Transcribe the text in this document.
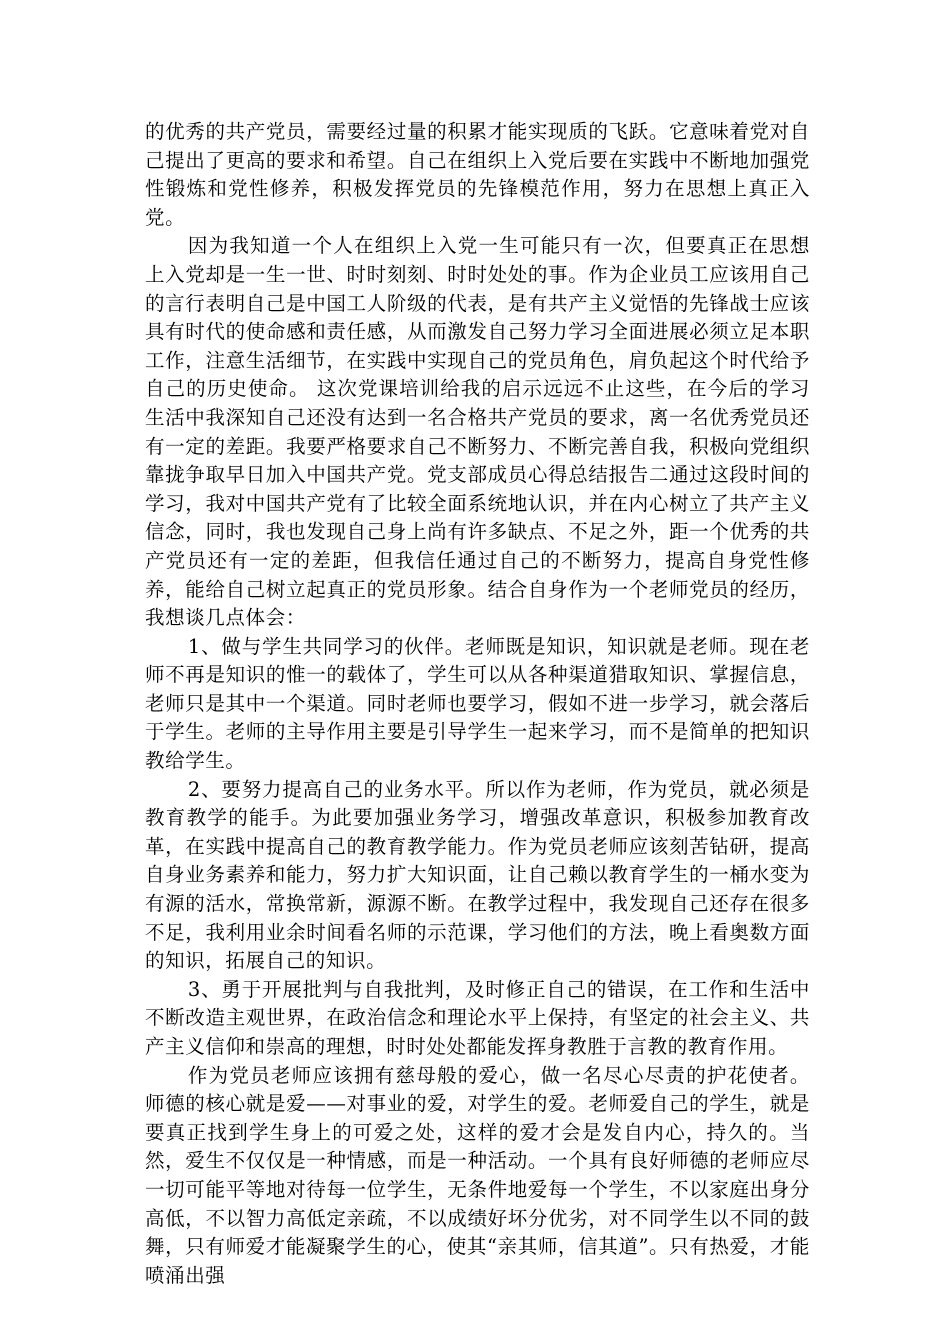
的优秀的共产党员，需要经过量的积累才能实现质的飞跃。它意味着党对自己提出了更高的要求和希望。自己在组织上入党后要在实践中不断地加强党性锻炼和党性修养，积极发挥党员的先锋模范作用，努力在思想上真正入党。

因为我知道一个人在组织上入党一生可能只有一次，但要真正在思想上入党却是一生一世、时时刻刻、时时处处的事。作为企业员工应该用自己的言行表明自己是中国工人阶级的代表，是有共产主义觉悟的先锋战士应该具有时代的使命感和责任感，从而激发自己努力学习全面进展必须立足本职工作，注意生活细节，在实践中实现自己的党员角色，肩负起这个时代给予自己的历史使命。 这次党课培训给我的启示远远不止这些，在今后的学习生活中我深知自己还没有达到一名合格共产党员的要求，离一名优秀党员还有一定的差距。我要严格要求自己不断努力、不断完善自我，积极向党组织靠拢争取早日加入中国共产党。党支部成员心得总结报告二通过这段时间的学习，我对中国共产党有了比较全面系统地认识，并在内心树立了共产主义信念，同时，我也发现自己身上尚有许多缺点、不足之外，距一个优秀的共产党员还有一定的差距，但我信任通过自己的不断努力，提高自身党性修养，能给自己树立起真正的党员形象。结合自身作为一个老师党员的经历，我想谈几点体会：

1、做与学生共同学习的伙伴。老师既是知识，知识就是老师。现在老师不再是知识的惟一的载体了，学生可以从各种渠道猎取知识、掌握信息，老师只是其中一个渠道。同时老师也要学习，假如不进一步学习，就会落后于学生。老师的主导作用主要是引导学生一起来学习，而不是简单的把知识教给学生。

2、要努力提高自己的业务水平。所以作为老师，作为党员，就必须是教育教学的能手。为此要加强业务学习，增强改革意识，积极参加教育改革，在实践中提高自己的教育教学能力。作为党员老师应该刻苦钻研，提高自身业务素养和能力，努力扩大知识面，让自己赖以教育学生的一桶水变为有源的活水，常换常新，源源不断。在教学过程中，我发现自己还存在很多不足，我利用业余时间看名师的示范课，学习他们的方法，晚上看奥数方面的知识，拓展自己的知识。

3、勇于开展批判与自我批判，及时修正自己的错误，在工作和生活中不断改造主观世界，在政治信念和理论水平上保持，有坚定的社会主义、共产主义信仰和崇高的理想，时时处处都能发挥身教胜于言教的教育作用。

作为党员老师应该拥有慈母般的爱心，做一名尽心尽责的护花使者。师德的核心就是爱——对事业的爱，对学生的爱。老师爱自己的学生，就是要真正找到学生身上的可爱之处，这样的爱才会是发自内心，持久的。当然，爱生不仅仅是一种情感，而是一种活动。一个具有良好师德的老师应尽一切可能平等地对待每一位学生，无条件地爱每一个学生，不以家庭出身分高低，不以智力高低定亲疏，不以成绩好坏分优劣，对不同学生以不同的鼓舞，只有师爱才能凝聚学生的心，使其“亲其师，信其道”。只有热爱，才能喷涌出强
